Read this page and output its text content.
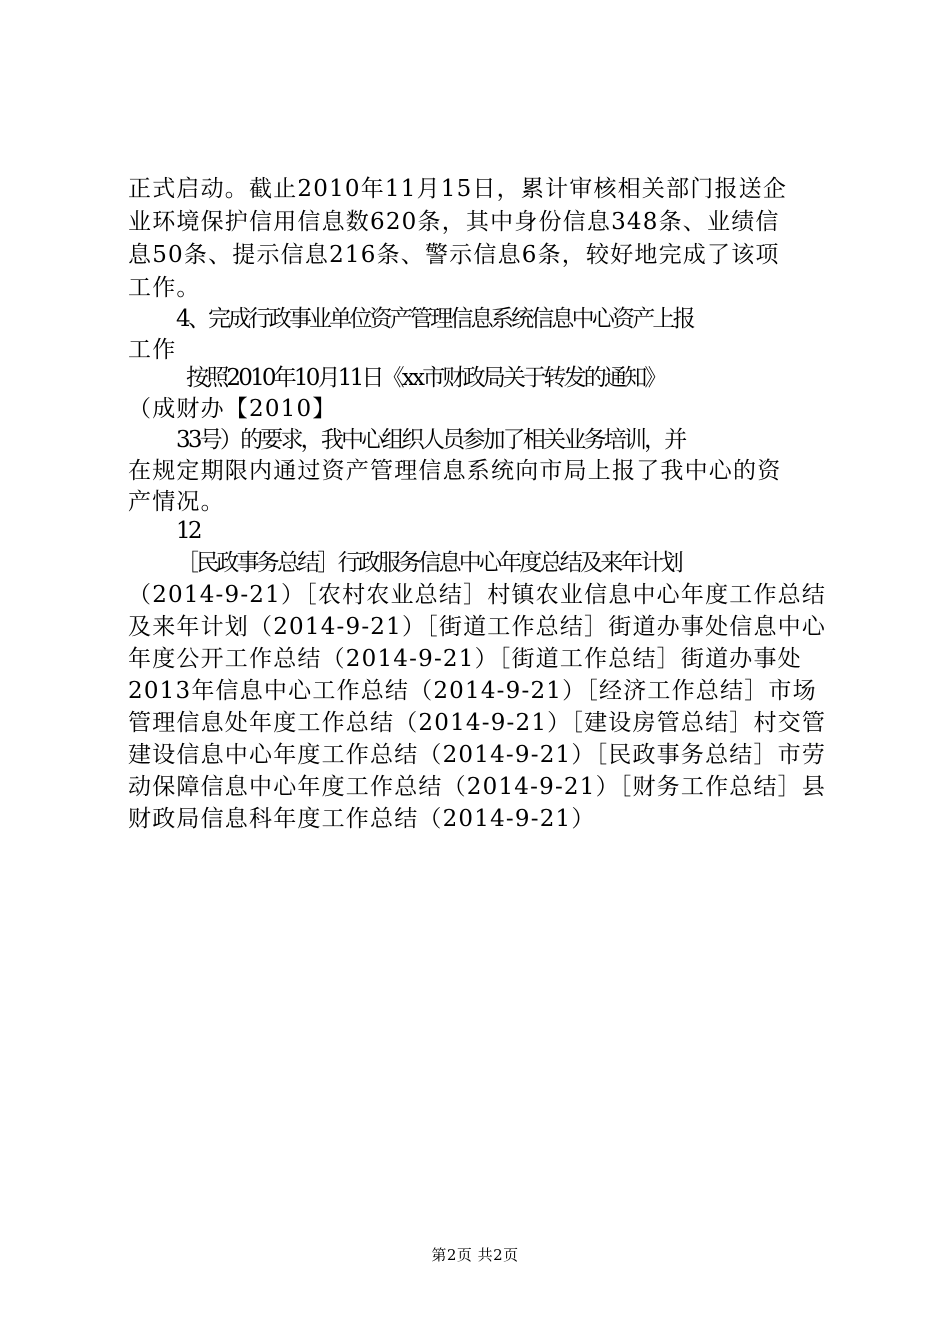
正式启动。截止2010年11月15日，累计审核相关部门报送企
业环境保护信用信息数620条，其中身份信息348条、业绩信
息50条、提示信息216条、警示信息6条，较好地完成了该项
工作。
4、完成行政事业单位资产管理信息系统信息中心资产上报
工作
按照2010年10月11日《xx市财政局关于转发的通知》
（成财办【2010】
33号）的要求，我中心组织人员参加了相关业务培训，并
在规定期限内通过资产管理信息系统向市局上报了我中心的资
产情况。
12
［民政事务总结］行政服务信息中心年度总结及来年计划
（2014-9-21）［农村农业总结］村镇农业信息中心年度工作总结
及来年计划（2014-9-21）［街道工作总结］街道办事处信息中心
年度公开工作总结（2014-9-21）［街道工作总结］街道办事处
2013年信息中心工作总结（2014-9-21）［经济工作总结］市场
管理信息处年度工作总结（2014-9-21）［建设房管总结］村交管
建设信息中心年度工作总结（2014-9-21）［民政事务总结］市劳
动保障信息中心年度工作总结（2014-9-21）［财务工作总结］县
财政局信息科年度工作总结（2014-9-21）
第2页 共2页
